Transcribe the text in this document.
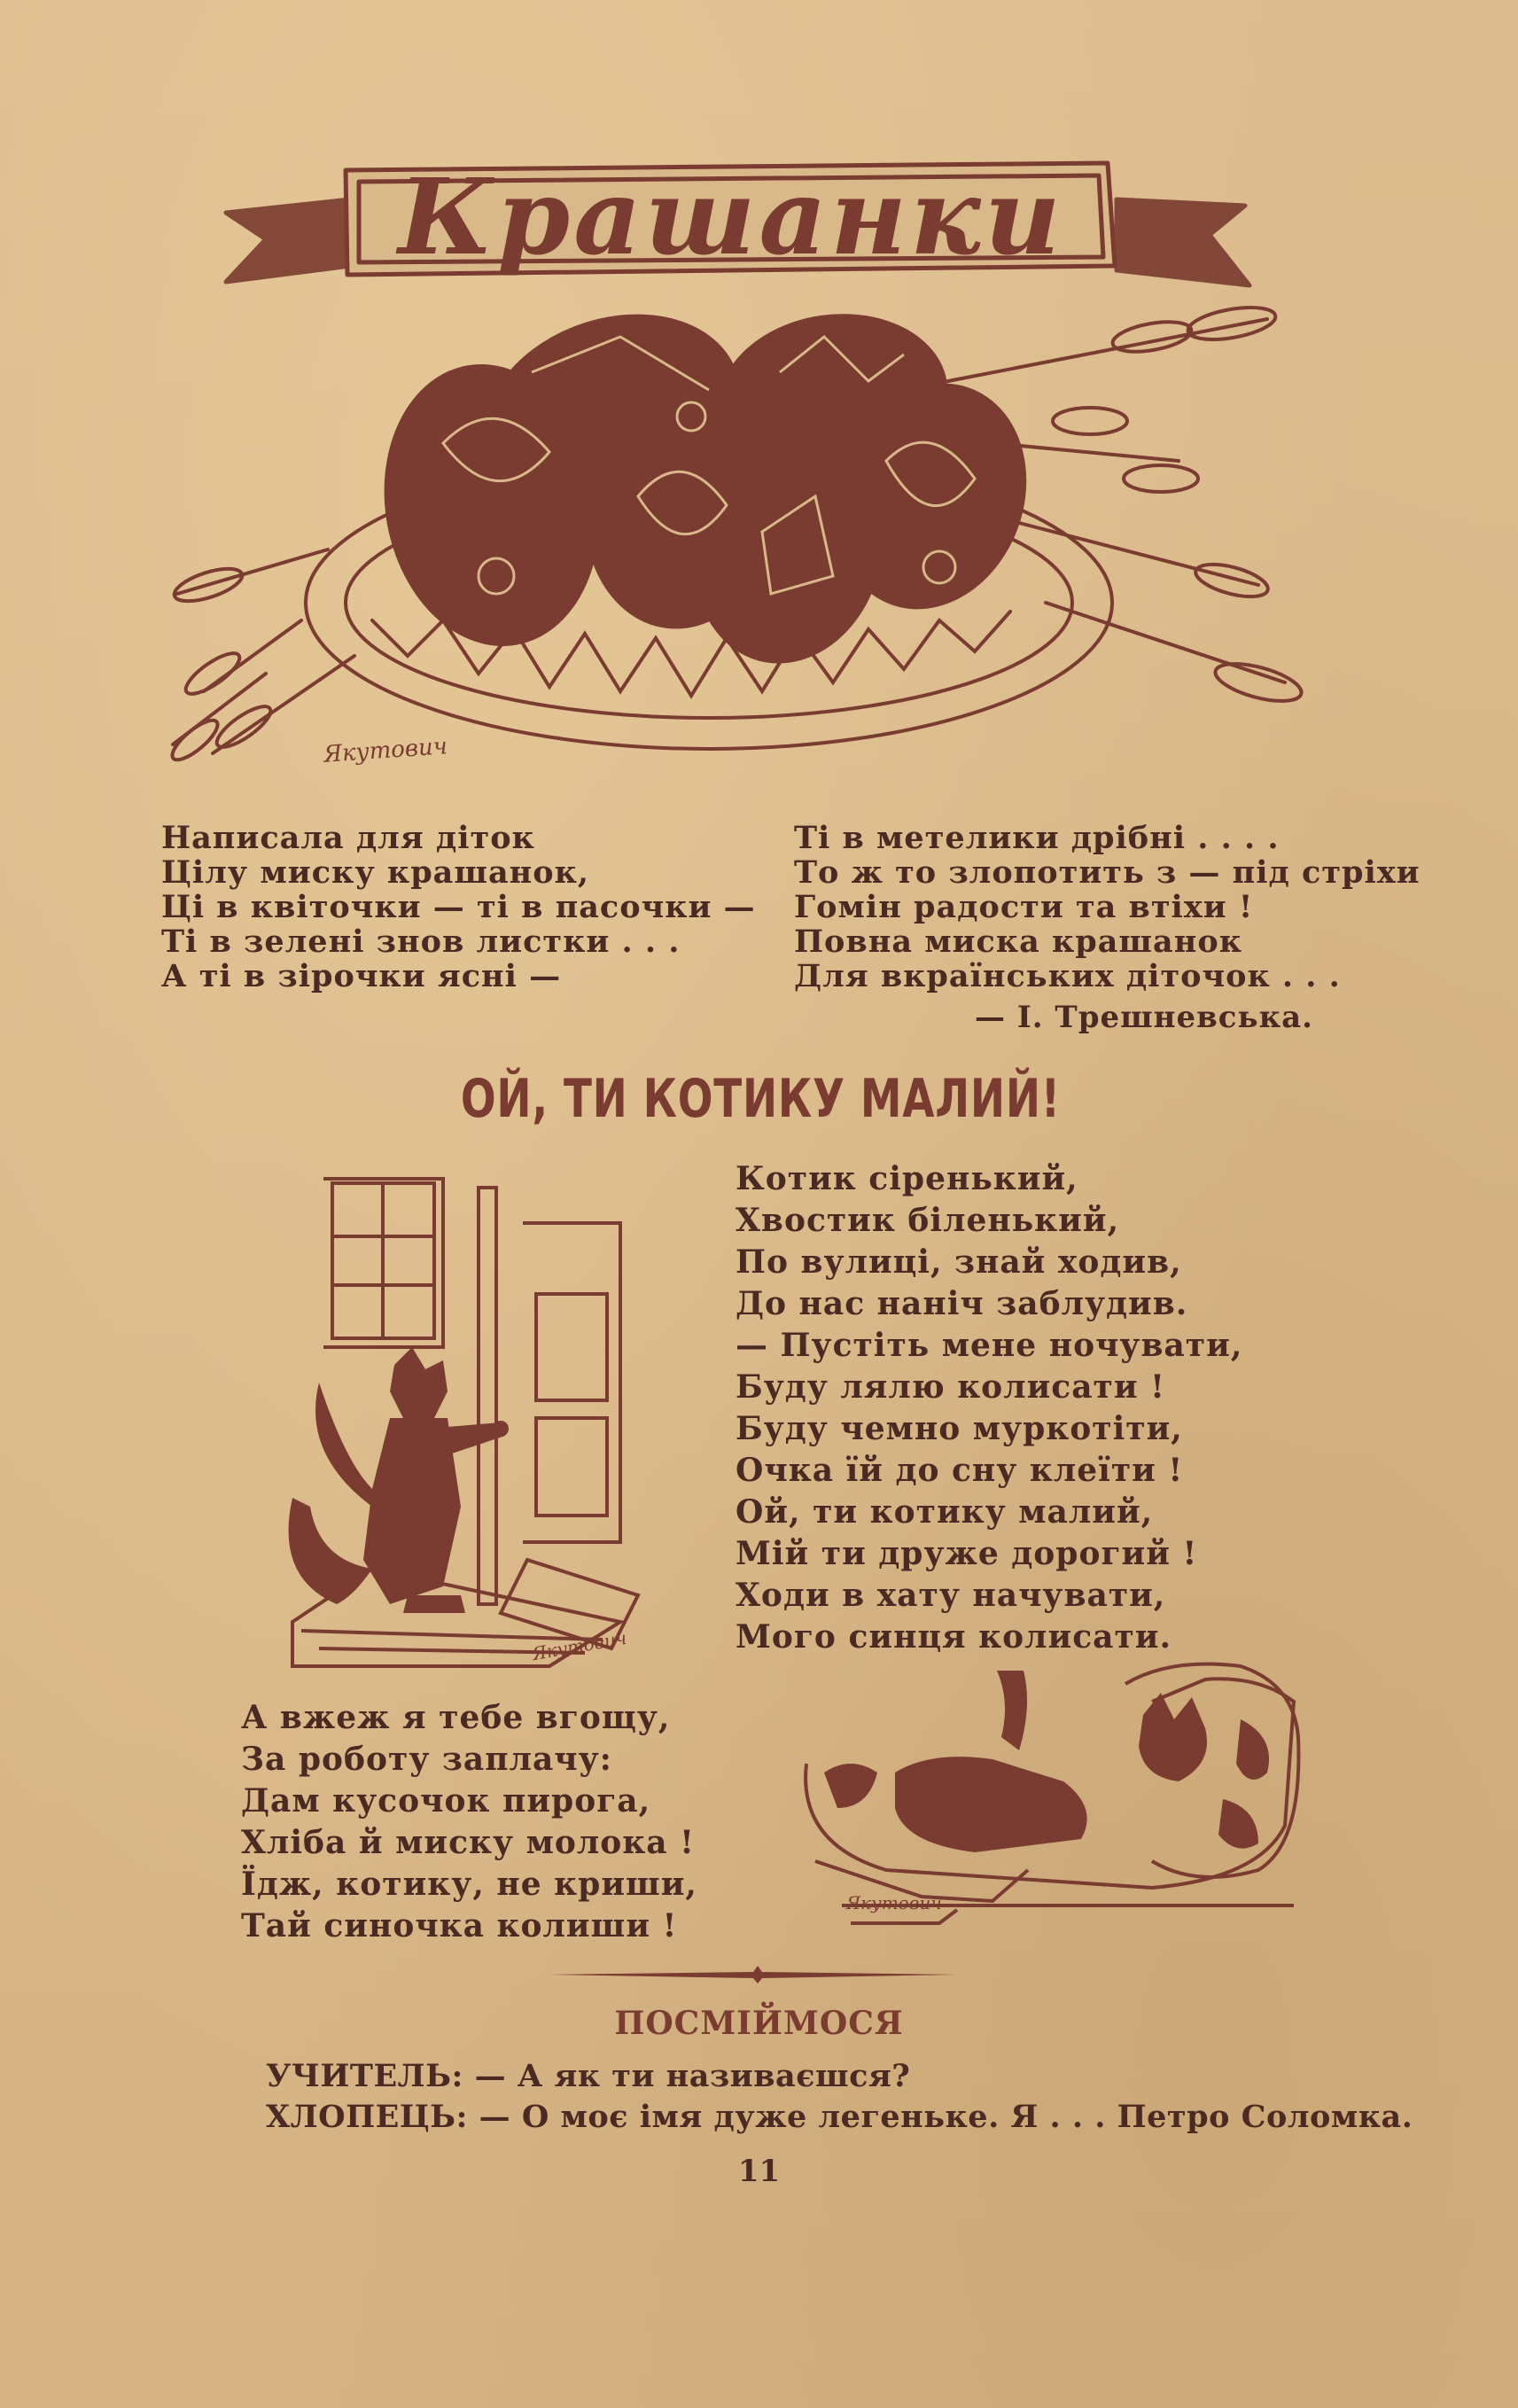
Крашанки
Якутович
Написала для діток
Цілу миску крашанок,
Ці в квіточки — ті в пасочки —
Ті в зелені знов листки . . .
А ті в зірочки ясні —
Ті в метелики дрібні . . . .
То ж то злопотить з — під стріхи
Гомін радости та втіхи !
Повна миска крашанок
Для вкраїнських діточок . . .
— І. Трешневська.
ОЙ, ТИ КОТИКУ МАЛИЙ!
Якутович
Котик сіренький,
Хвостик біленький,
По вулиці, знай ходив,
До нас наніч заблудив.
— Пустіть мене ночувати,
Буду лялю колисати !
Буду чемно муркотіти,
Очка їй до сну клеїти !
Ой, ти котику малий,
Мій ти друже дорогий !
Ходи в хату начувати,
Мого синця колисати.
А вжеж я тебе вгощу,
За роботу заплачу:
Дам кусочок пирога,
Хліба й миску молока !
Їдж, котику, не криши,
Тай синочка колиши !
Якутович
ПОСМІЙМОСЯ
УЧИТЕЛЬ: — А як ти називаєшся?
ХЛОПЕЦЬ: — О моє імя дуже легеньке. Я . . . Петро Соломка.
11
